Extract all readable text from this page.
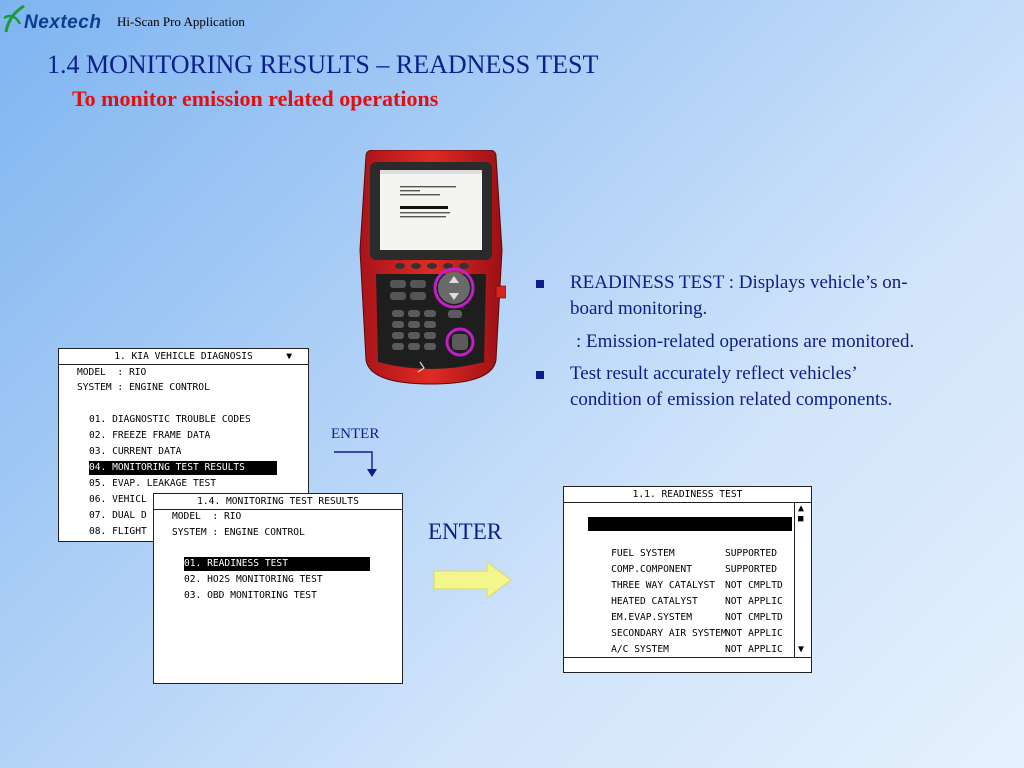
Nextech Hi-Scan Pro Application
1.4 MONITORING RESULTS – READNESS TEST
To monitor emission related operations
1. KIA VEHICLE DIAGNOSIS	▼
MODEL  : RIO
SYSTEM : ENGINE CONTROL
01. DIAGNOSTIC TROUBLE CODES
02. FREEZE FRAME DATA
03. CURRENT DATA
04. MONITORING TEST RESULTS
05. EVAP. LEAKAGE TEST
06. VEHICL
07. DUAL D
08. FLIGHT
ENTER
1.4. MONITORING TEST RESULTS
MODEL  : RIO
SYSTEM : ENGINE CONTROL
01. READINESS TEST
02. HO2S MONITORING TEST
03. OBD MONITORING TEST
ENTER
1.1. READINESS TEST
▲
■
▼

MISFIRE	SUPPORTED

FUEL SYSTEM	SUPPORTED

COMP.COMPONENT	SUPPORTED

THREE WAY CATALYST NOT CMPLTD

HEATED CATALYST	NOT APPLIC

EM.EVAP.SYSTEM	NOT CMPLTD

SECONDARY AIR SYSTEM
NOT APPLIC

A/C SYSTEM	NOT APPLIC

READINESS TEST : Displays vehicle’s on-
board monitoring.
: Emission-related operations are monitored.
Test result accurately reflect vehicles’
condition of emission related components.
